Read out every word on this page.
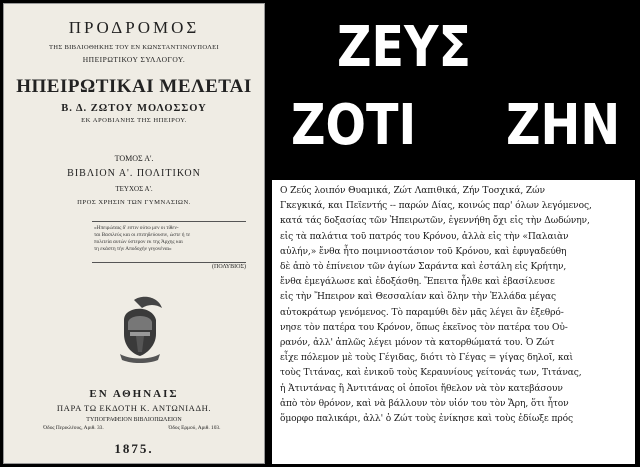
ΠΡΟΔΡΟΜΟΣ
ΤΗΣ ΒΙΒΛΙΟΘΗΚΗΣ ΤΟΥ ΕΝ ΚΩΝΣΤΑΝΤΙΝΟΥΠΟΛΕΙ
ΗΠΕΙΡΩΤΙΚΟΥ ΣΥΛΛΟΓΟΥ.
ΗΠΕΙΡΩΤΙΚΑΙ ΜΕΛΕΤΑΙ
Β. Δ. ΖΩΤΟΥ ΜΟΛΟΣΣΟΥ
ΕΚ ΑΡΟΒΙΑΝΗΣ ΤΗΣ ΗΠΕΙΡΟΥ.
ΤΟΜΟΣ Α'.
ΒΙΒΛΙΟΝ Α'. ΠΟΛΙΤΙΚΟΝ
ΤΕΥΧΟΣ Α'.
ΠΡΟΣ ΧΡΗΣΙΝ ΤΩΝ ΓΥΜΝΑΣΙΩΝ.
«Ηπειρώταις δ' εστιν ούτω μεν οι τίθεν-
ται Βασιλεύς και οι επιτηδεύουσιν, ώστε ή τε
πολιτεία αυτών ύστερον εκ της Άρχης και
τη εκάστη τήν Αποδοχήν γεγονέναι»
(ΠΟΛΥΒΙΟΣ)
ΕΝ ΑΘΗΝΑΙΣ
ΠΑΡΑ ΤΩ ΕΚΔΟΤΗ Κ. ΑΝΤΩΝΙΑΔΗ.
ΤΥΠΟΓΡΑΦΕΙΟΝ ΒΙΒΛΙΟΠΩΛΕΙΟΝ
Όδος Περικλέους, Αριθ. 33.	Όδος Ερμού, Αριθ. 103.
1875.
ΖΕΥΣ
ZOTI ZHN
Ο Ζεύς λοιπόν Θυαμικά, Ζώτ Λαπιθικά, Ζήν Τοσχικά, Ζών
Γκεγκικά, και Πεϊεντής -- παρών Δίας, κοινώς παρ' όλων λεγόμενος,
κατά τάς δοξασίας τῶν Ἠπειρωτῶν, ἐγεννήθη ὄχι εἰς τὴν Δωδώνην,
εἰς τὰ παλάτια τοῦ πατρός του Κρόνου, ἀλλὰ εἰς τὴν «Παλαιὰν
αὐλήν,» ἔνθα ἦτο ποιμνιοστάσιον τοῦ Κρόνου, καὶ ἐφυγαδεύθη
δὲ ἀπὸ τὸ ἐπίνειον τῶν ἁγίων Σαράντα καὶ ἐστάλη εἰς Κρήτην,
ἔνθα ἐμεγάλωσε καὶ ἐδοξάσθη. Ἔπειτα ἦλθε καὶ ἐβασίλευσε
εἰς τὴν Ἤπειρον καὶ Θεσσαλίαν καὶ ὅλην τὴν Ἑλλάδα μέγας
αὐτοκράτωρ γενόμενος. Τὸ παραμύθι δὲν μᾶς λέγει ἂν ἐξεθρό-
νησε τὸν πατέρα του Κρόνον, ὅπως ἐκεῖνος τὸν πατέρα του Οὐ-
ρανόν, ἀλλ' ἁπλῶς λέγει μόνον τὰ κατορθώματά του. Ὁ Ζώτ
εἶχε πόλεμον μὲ τοὺς Γέγιδας, διότι τὸ Γέγας = γίγας δηλοῖ, καὶ
τοὺς Τιτάνας, καὶ ἐνικοῦ τοὺς Κεραυνίους γείτονάς των, Τιτάνας,
ἡ Ἀτιντάνας ἢ Ἀντιτάνας οἱ ὁποῖοι ἤθελον νὰ τὸν κατεβάσουν
ἀπὸ τὸν θρόνον, καὶ νὰ βάλλουν τὸν υἱόν του τὸν Ἄρη, ὅτι ἦτον
ὅμορφο παλικάρι, ἀλλ' ὁ Ζώτ τοὺς ἐνίκησε καὶ τοὺς ἐδίωξε πρός
